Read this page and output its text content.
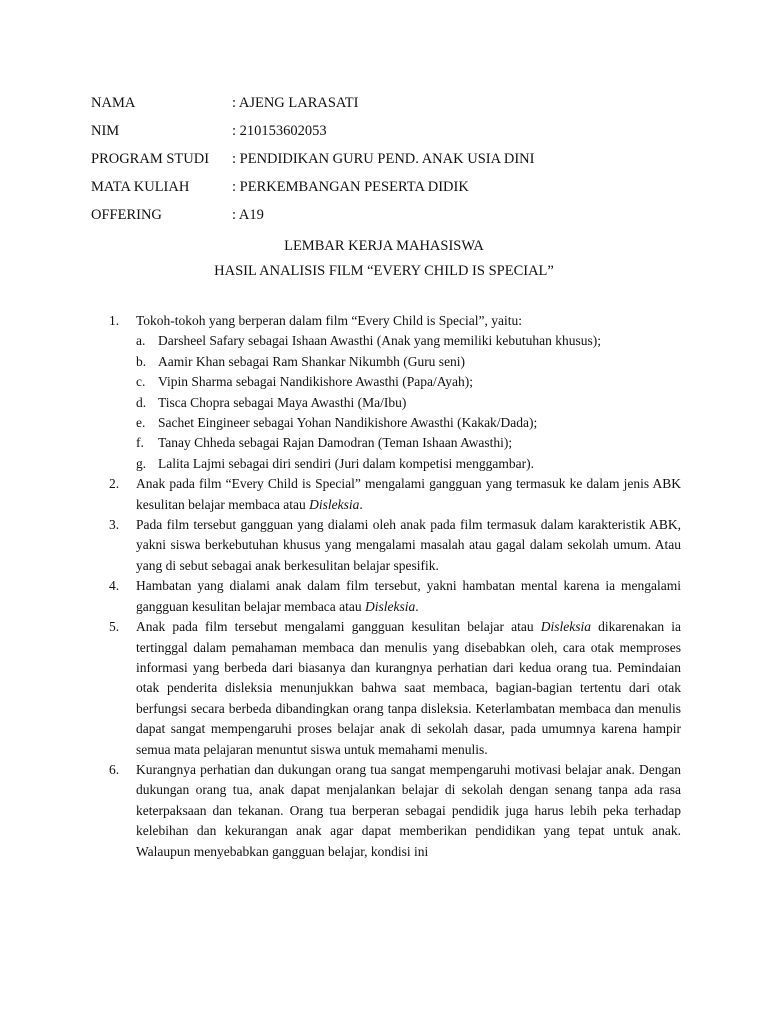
NAMA	: AJENG LARASATI
NIM	: 210153602053
PROGRAM STUDI : PENDIDIKAN GURU PEND. ANAK USIA DINI
MATA KULIAH	: PERKEMBANGAN PESERTA DIDIK
OFFERING	: A19
LEMBAR KERJA MAHASISWA
HASIL ANALISIS FILM “EVERY CHILD IS SPECIAL”
1. Tokoh-tokoh yang berperan dalam film “Every Child is Special”, yaitu:
a. Darsheel Safary sebagai Ishaan Awasthi (Anak yang memiliki kebutuhan khusus);
b. Aamir Khan sebagai Ram Shankar Nikumbh (Guru seni)
c. Vipin Sharma sebagai Nandikishore Awasthi (Papa/Ayah);
d. Tisca Chopra sebagai Maya Awasthi (Ma/Ibu)
e. Sachet Eingineer sebagai Yohan Nandikishore Awasthi (Kakak/Dada);
f. Tanay Chheda sebagai Rajan Damodran (Teman Ishaan Awasthi);
g. Lalita Lajmi sebagai diri sendiri (Juri dalam kompetisi menggambar).
2. Anak pada film “Every Child is Special” mengalami gangguan yang termasuk ke dalam jenis ABK kesulitan belajar membaca atau Disleksia.
3. Pada film tersebut gangguan yang dialami oleh anak pada film termasuk dalam karakteristik ABK, yakni siswa berkebutuhan khusus yang mengalami masalah atau gagal dalam sekolah umum. Atau yang di sebut sebagai anak berkesulitan belajar spesifik.
4. Hambatan yang dialami anak dalam film tersebut, yakni hambatan mental karena ia mengalami gangguan kesulitan belajar membaca atau Disleksia.
5. Anak pada film tersebut mengalami gangguan kesulitan belajar atau Disleksia dikarenakan ia tertinggal dalam pemahaman membaca dan menulis yang disebabkan oleh, cara otak memproses informasi yang berbeda dari biasanya dan kurangnya perhatian dari kedua orang tua. Pemindaian otak penderita disleksia menunjukkan bahwa saat membaca, bagian-bagian tertentu dari otak berfungsi secara berbeda dibandingkan orang tanpa disleksia. Keterlambatan membaca dan menulis dapat sangat mempengaruhi proses belajar anak di sekolah dasar, pada umumnya karena hampir semua mata pelajaran menuntut siswa untuk memahami menulis.
6. Kurangnya perhatian dan dukungan orang tua sangat mempengaruhi motivasi belajar anak. Dengan dukungan orang tua, anak dapat menjalankan belajar di sekolah dengan senang tanpa ada rasa keterpaksaan dan tekanan. Orang tua berperan sebagai pendidik juga harus lebih peka terhadap kelebihan dan kekurangan anak agar dapat memberikan pendidikan yang tepat untuk anak. Walaupun menyebabkan gangguan belajar, kondisi ini
